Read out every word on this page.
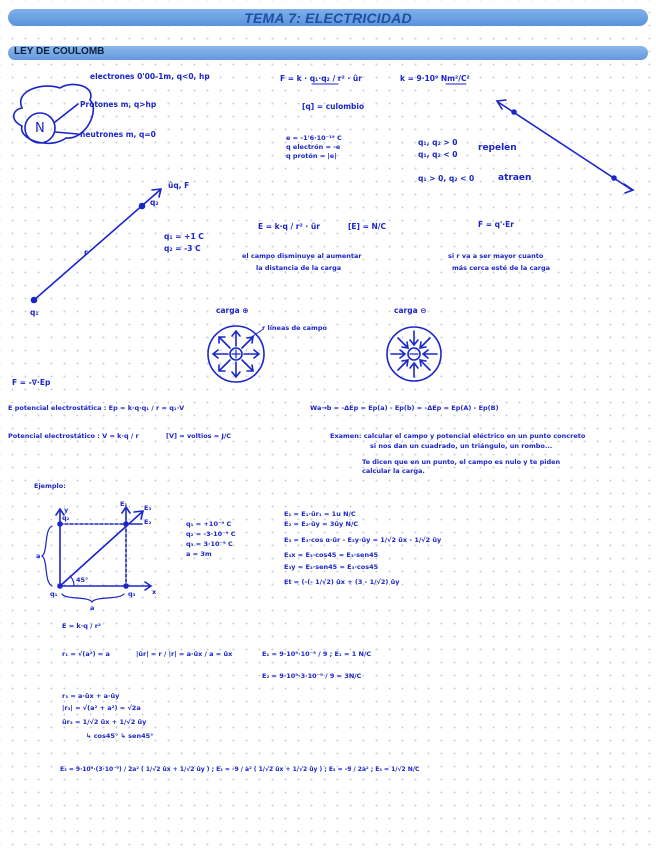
TEMA 7: ELECTRICIDAD
LEY DE COULOMB
N
electrones 0'00-1m, q<0, hp
Protones m, q>hp
neutrones m, q=0
F = k · q₁·q₂ / r² · ûr	k = 9·10⁹ Nm²/C²
[q] = culombio
e = -1'6·10⁻¹⁹ C
q electrón = -e
q protón = |e|
q₁, q₂ > 0
q₁, q₂ < 0
repelen
q₁ > 0, q₂ < 0	atraen
ûq, F
q₂
q₁ = +1 C
q₂ = -3 C
r
q₁
E = k·q / r² · ûr	[E] = N/C	F = q'·Er
el campo disminuye al aumentar
la distancia de la carga
si r va a ser mayor cuanto
más cerca esté de la carga
carga ⊕	carga ⊖
r líneas de campo
F = -∇·Ep
E potencial electrostática : Ep = k·q·q₁ / r = q₁·V
Potencial electrostático : V = k·q / r	[V] = voltios = J/C
Wa→b = -ΔEp = Ep(a) - Ep(b) = -ΔEp = Ep(A) - Ep(B)
Examen: calcular el campo y potencial eléctrico en un punto concreto
si nos dan un cuadrado, un triángulo, un rombo...
Te dicen que en un punto, el campo es nulo y te piden
calcular la carga.
Ejemplo:
y
x
q₁	q₃
q₂
a
a
45°
E₁	E₃
E₂	q₁ = +10⁻⁹ C
q₂ = -3·10⁻⁹ C
q₃ = 3·10⁻⁹ C
a = 3m
E₁ = E₁·ûr₁ = 1u N/C
E₂ = E₂·ûy = 3ûy N/C
E₃ = E₃·cos α·ûr - E₃y·ûy = 1/√2 ûx - 1/√2 ûy
E₃x = E₃·cos45 = E₃·sen45
E₃y = E₃·sen45 = E₃·cos45
Et = (-(- 1/√2) ûx + (3 - 1/√2) ûy
E = k·q / r²
r₁ = √(a²) = a	|ûr| = r / |r| = a·ûx / a = ûx	E₁ = 9·10⁹·10⁻⁹ / 9 ; E₁ = 1 N/C
E₂ = 9·10⁹·3·10⁻⁹ / 9 = 3N/C
r₃ = a·ûx + a·ûy
|r₃| = √(a² + a²) = √2a
ûr₃ = 1/√2 ûx + 1/√2 ûy
↳ cos45° ↳ sen45°
E₃ = 9·10⁹·(3·10⁻⁹) / 2a² ( 1/√2 ûx + 1/√2 ûy ) ; E₃ = -9 / a² ( 1/√2 ûx + 1/√2 ûy ) ; E₃ = -9 / 2a² ; E₃ = 1/√2 N/C
